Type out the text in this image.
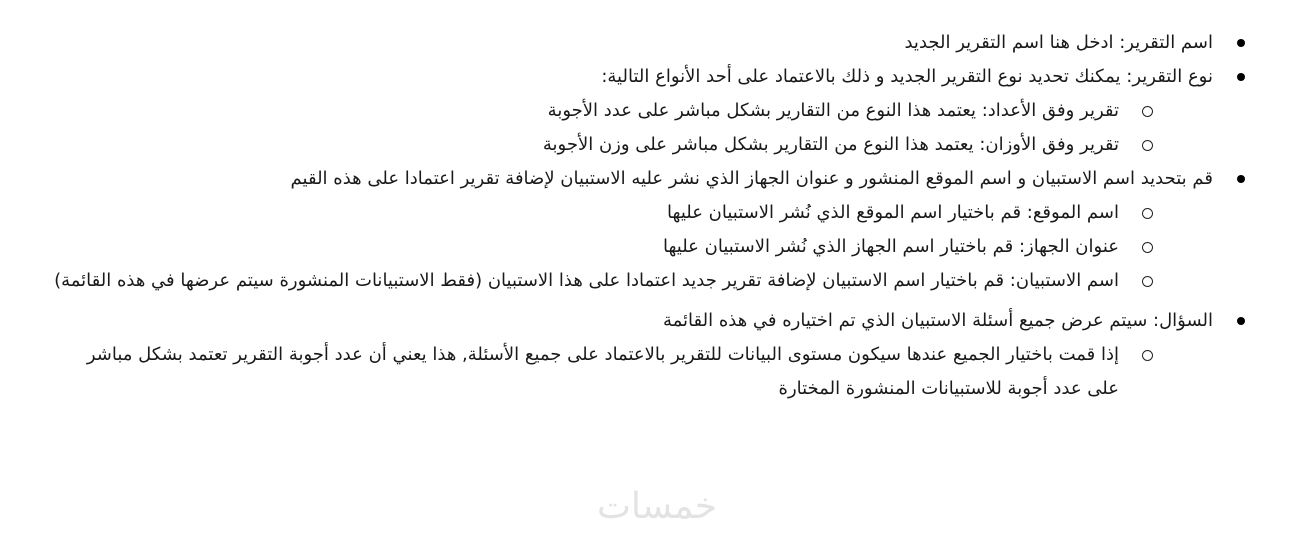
اسم التقرير: ادخل هنا اسم التقرير الجديد
نوع التقرير: يمكنك تحديد نوع التقرير الجديد و ذلك بالاعتماد على أحد الأنواع التالية:
تقرير وفق الأعداد: يعتمد هذا النوع من التقارير بشكل مباشر على عدد الأجوبة
تقرير وفق الأوزان: يعتمد هذا النوع من التقارير بشكل مباشر على وزن الأجوبة
قم بتحديد اسم الاستبيان و اسم الموقع المنشور و عنوان الجهاز الذي نشر عليه الاستبيان لإضافة تقرير اعتمادا على هذه القيم
اسم الموقع: قم باختيار اسم الموقع الذي نُشر الاستبيان عليها
عنوان الجهاز: قم باختيار اسم الجهاز الذي نُشر الاستبيان عليها
اسم الاستبيان: قم باختيار اسم الاستبيان لإضافة تقرير جديد اعتمادا على هذا الاستبيان (فقط الاستبيانات المنشورة سيتم عرضها في هذه القائمة)
السؤال: سيتم عرض جميع أسئلة الاستبيان الذي تم اختياره في هذه القائمة
إذا قمت باختيار الجميع عندها سيكون مستوى البيانات للتقرير بالاعتماد على جميع الأسئلة, هذا يعني أن عدد أجوبة التقرير تعتمد بشكل مباشر على عدد أجوبة للاستبيانات المنشورة المختارة
خمسات
